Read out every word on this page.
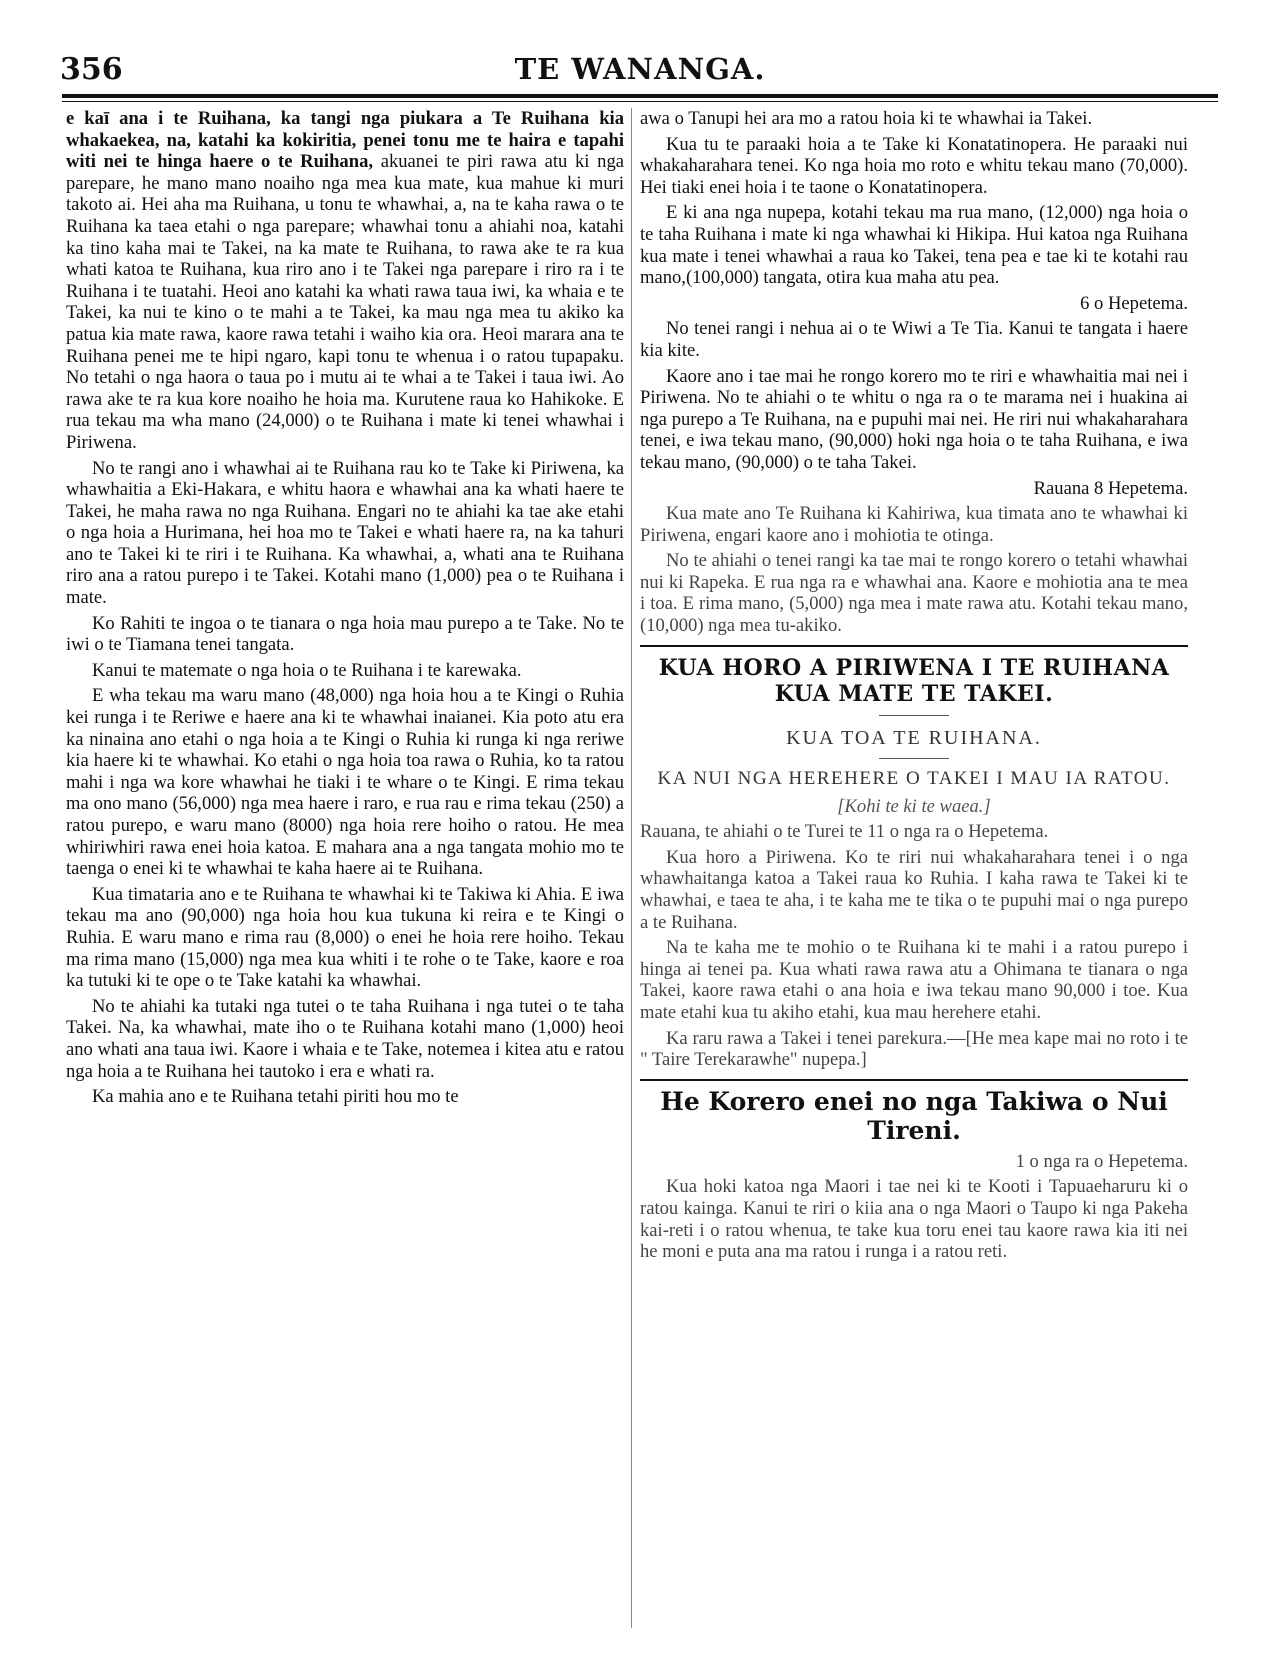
356	TE WANANGA.

e kaī ana i te Ruihana, ka tangi nga piukara a Te Ruihana kia whakaekea, na, katahi ka kokiritia, penei tonu me te haira e tapahi witi nei te hinga haere o te Ruihana, akuanei te piri rawa atu ki nga parepare, he mano mano noaiho nga mea kua mate, kua mahue ki muri takoto ai. Hei aha ma Ruihana, u tonu te whawhai, a, na te kaha rawa o te Ruihana ka taea etahi o nga parepare; whawhai tonu a ahiahi noa, katahi ka tino kaha mai te Takei, na ka mate te Ruihana, to rawa ake te ra kua whati katoa te Ruihana, kua riro ano i te Takei nga parepare i riro ra i te Ruihana i te tuatahi. Heoi ano katahi ka whati rawa taua iwi, ka whaia e te Takei, ka nui te kino o te mahi a te Takei, ka mau nga mea tu akiko ka patua kia mate rawa, kaore rawa tetahi i waiho kia ora. Heoi marara ana te Ruihana penei me te hipi ngaro, kapi tonu te whenua i o ratou tupapaku. No tetahi o nga haora o taua po i mutu ai te whai a te Takei i taua iwi. Ao rawa ake te ra kua kore noaiho he hoia ma. Kurutene raua ko Hahikoke. E rua tekau ma wha mano (24,000) o te Ruihana i mate ki tenei whawhai i Piriwena.

No te rangi ano i whawhai ai te Ruihana rau ko te Take ki Piriwena, ka whawhaitia a Eki-Hakara, e whitu haora e whawhai ana ka whati haere te Takei, he maha rawa no nga Ruihana. Engari no te ahiahi ka tae ake etahi o nga hoia a Hurimana, hei hoa mo te Takei e whati haere ra, na ka tahuri ano te Takei ki te riri i te Ruihana. Ka whawhai, a, whati ana te Ruihana riro ana a ratou purepo i te Takei. Kotahi mano (1,000) pea o te Ruihana i mate.

Ko Rahiti te ingoa o te tianara o nga hoia mau purepo a te Take. No te iwi o te Tiamana tenei tangata.

Kanui te matemate o nga hoia o te Ruihana i te karewaka.

E wha tekau ma waru mano (48,000) nga hoia hou a te Kingi o Ruhia kei runga i te Reriwe e haere ana ki te whawhai inaianei. Kia poto atu era ka ninaina ano etahi o nga hoia a te Kingi o Ruhia ki runga ki nga reriwe kia haere ki te whawhai. Ko etahi o nga hoia toa rawa o Ruhia, ko ta ratou mahi i nga wa kore whawhai he tiaki i te whare o te Kingi. E rima tekau ma ono mano (56,000) nga mea haere i raro, e rua rau e rima tekau (250) a ratou purepo, e waru mano (8000) nga hoia rere hoiho o ratou. He mea whiriwhiri rawa enei hoia katoa. E mahara ana a nga tangata mohio mo te taenga o enei ki te whawhai te kaha haere ai te Ruihana.

Kua timataria ano e te Ruihana te whawhai ki te Takiwa ki Ahia. E iwa tekau ma ano (90,000) nga hoia hou kua tukuna ki reira e te Kingi o Ruhia. E waru mano e rima rau (8,000) o enei he hoia rere hoiho. Tekau ma rima mano (15,000) nga mea kua whiti i te rohe o te Take, kaore e roa ka tutuki ki te ope o te Take katahi ka whawhai.

No te ahiahi ka tutaki nga tutei o te taha Ruihana i nga tutei o te taha Takei. Na, ka whawhai, mate iho o te Ruihana kotahi mano (1,000) heoi ano whati ana taua iwi. Kaore i whaia e te Take, notemea i kitea atu e ratou nga hoia a te Ruihana hei tautoko i era e whati ra.

Ka mahia ano e te Ruihana tetahi piriti hou mo te

awa o Tanupi hei ara mo a ratou hoia ki te whawhai ia Takei.

Kua tu te paraaki hoia a te Take ki Konatatinopera. He paraaki nui whakaharahara tenei. Ko nga hoia mo roto e whitu tekau mano (70,000). Hei tiaki enei hoia i te taone o Konatatinopera.

E ki ana nga nupepa, kotahi tekau ma rua mano, (12,000) nga hoia o te taha Ruihana i mate ki nga whawhai ki Hikipa. Hui katoa nga Ruihana kua mate i tenei whawhai a raua ko Takei, tena pea e tae ki te kotahi rau mano,(100,000) tangata, otira kua maha atu pea.

6 o Hepetema.

No tenei rangi i nehua ai o te Wiwi a Te Tia. Kanui te tangata i haere kia kite.

Kaore ano i tae mai he rongo korero mo te riri e whawhaitia mai nei i Piriwena. No te ahiahi o te whitu o nga ra o te marama nei i huakina ai nga purepo a Te Ruihana, na e pupuhi mai nei. He riri nui whakaharahara tenei, e iwa tekau mano, (90,000) hoki nga hoia o te taha Ruihana, e iwa tekau mano, (90,000) o te taha Takei.

Rauana 8 Hepetema.

Kua mate ano Te Ruihana ki Kahiriwa, kua timata ano te whawhai ki Piriwena, engari kaore ano i mohiotia te otinga.

No te ahiahi o tenei rangi ka tae mai te rongo korero o tetahi whawhai nui ki Rapeka. E rua nga ra e whawhai ana. Kaore e mohiotia ana te mea i toa. E rima mano, (5,000) nga mea i mate rawa atu. Kotahi tekau mano, (10,000) nga mea tu-akiko.

KUA HORO A PIRIWENA I TE RUIHANA KUA MATE TE TAKEI.
KUA TOA TE RUIHANA.
KA NUI NGA HEREHERE O TAKEI I MAU IA RATOU.

[Kohi te ki te waea.]

Rauana, te ahiahi o te Turei te 11 o nga ra o Hepetema.

Kua horo a Piriwena. Ko te riri nui whakaharahara tenei i o nga whawhaitanga katoa a Takei raua ko Ruhia. I kaha rawa te Takei ki te whawhai, e taea te aha, i te kaha me te tika o te pupuhi mai o nga purepo a te Ruihana.

Na te kaha me te mohio o te Ruihana ki te mahi i a ratou purepo i hinga ai tenei pa. Kua whati rawa rawa atu a Ohimana te tianara o nga Takei, kaore rawa etahi o ana hoia e iwa tekau mano 90,000 i toe. Kua mate etahi kua tu akiho etahi, kua mau herehere etahi.

Ka raru rawa a Takei i tenei parekura.—[He mea kape mai no roto i te " Taire Terekarawhe" nupepa.]

He Korero enei no nga Takiwa o Nui Tireni.

1 o nga ra o Hepetema.

Kua hoki katoa nga Maori i tae nei ki te Kooti i Tapuaeharuru ki o ratou kainga. Kanui te riri o kiia ana o nga Maori o Taupo ki nga Pakeha kai-reti i o ratou whenua, te take kua toru enei tau kaore rawa kia iti nei he moni e puta ana ma ratou i runga i a ratou reti.
